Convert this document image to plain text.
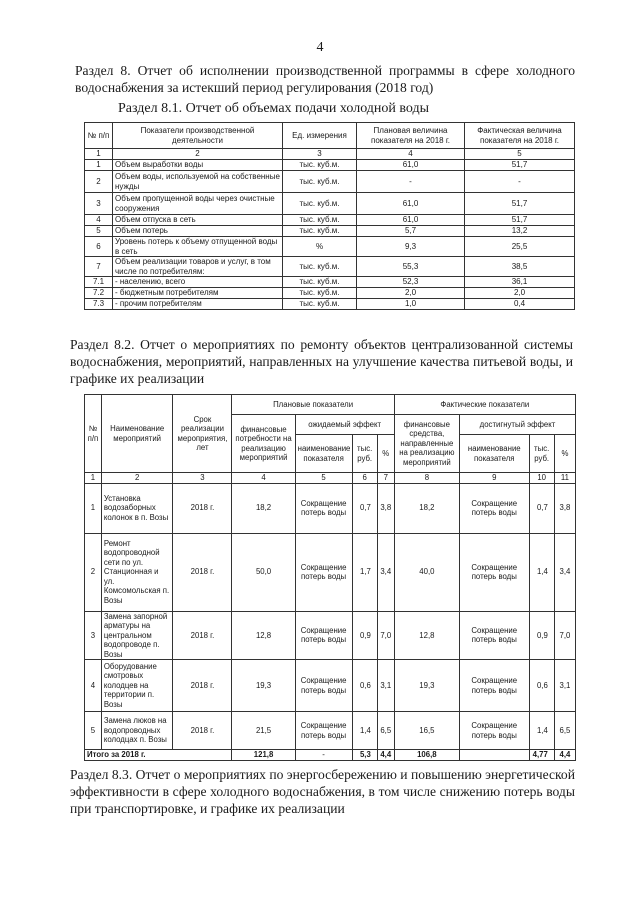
4
Раздел 8. Отчет об исполнении производственной программы в сфере холодного водоснабжения за истекший период регулирования (2018 год)
Раздел 8.1. Отчет об объемах подачи холодной воды
№ п/п	Показатели производственной деятельности	Ед. измерения	Плановая величина показателя на 2018 г.	Фактическая величина показателя на 2018 г.
1	2	3	4	5
1	Объем выработки воды	тыс. куб.м.	61,0	51,7
2	Объем воды, используемой на собственные нужды	тыс. куб.м.	-	-
3	Объем пропущенной воды через очистные сооружения	тыс. куб.м.	61,0	51,7
4	Объем отпуска в сеть	тыс. куб.м.	61,0	51,7
5	Объем потерь	тыс. куб.м.	5,7	13,2
6	Уровень потерь к объему отпущенной воды в сеть	%	9,3	25,5
7	Объем реализации товаров и услуг, в том числе по потребителям:	тыс. куб.м.	55,3	38,5
7.1	- населению, всего	тыс. куб.м.	52,3	36,1
7.2	- бюджетным потребителям	тыс. куб.м.	2,0	2,0
7.3	- прочим потребителям	тыс. куб.м.	1,0	0,4
Раздел 8.2. Отчет о мероприятиях по ремонту объектов централизованной системы водоснабжения, мероприятий, направленных на улучшение качества питьевой воды, и графике их реализации
№ п/п	Наименование мероприятий	Срок реализации мероприятия, лет	Плановые показатели				Фактические показатели			
			финансовые потребности на реализацию мероприятий	ожидаемый эффект			финансовые средства, направленные на реализацию мероприятий	достигнутый эффект		
				наименование показателя	тыс. руб.	%		наименование показателя	тыс. руб.	%
1	2	3	4	5	6	7	8	9	10	11
1	Установка водозаборных колонок в п. Возы	2018 г.	18,2	Сокращение потерь воды	0,7	3,8	18,2	Сокращение потерь воды	0,7	3,8
2	Ремонт водопроводной сети по ул. Станционная и ул. Комсомольская п. Возы	2018 г.	50,0	Сокращение потерь воды	1,7	3,4	40,0	Сокращение потерь воды	1,4	3,4
3	Замена запорной арматуры на центральном водопроводе п. Возы	2018 г.	12,8	Сокращение потерь воды	0,9	7,0	12,8	Сокращение потерь воды	0,9	7,0
4	Оборудование смотровых колодцев на территории п. Возы	2018 г.	19,3	Сокращение потерь воды	0,6	3,1	19,3	Сокращение потерь воды	0,6	3,1
5	Замена люков на водопроводных колодцах п. Возы	2018 г.	21,5	Сокращение потерь воды	1,4	6,5	16,5	Сокращение потерь воды	1,4	6,5
Итого за 2018 г.			121,8	-	5,3	4,4	106,8		4,77	4,4
Раздел 8.3. Отчет о мероприятиях по энергосбережению и повышению энергетической эффективности в сфере холодного водоснабжения, в том числе снижению потерь воды при транспортировке, и графике их реализации
